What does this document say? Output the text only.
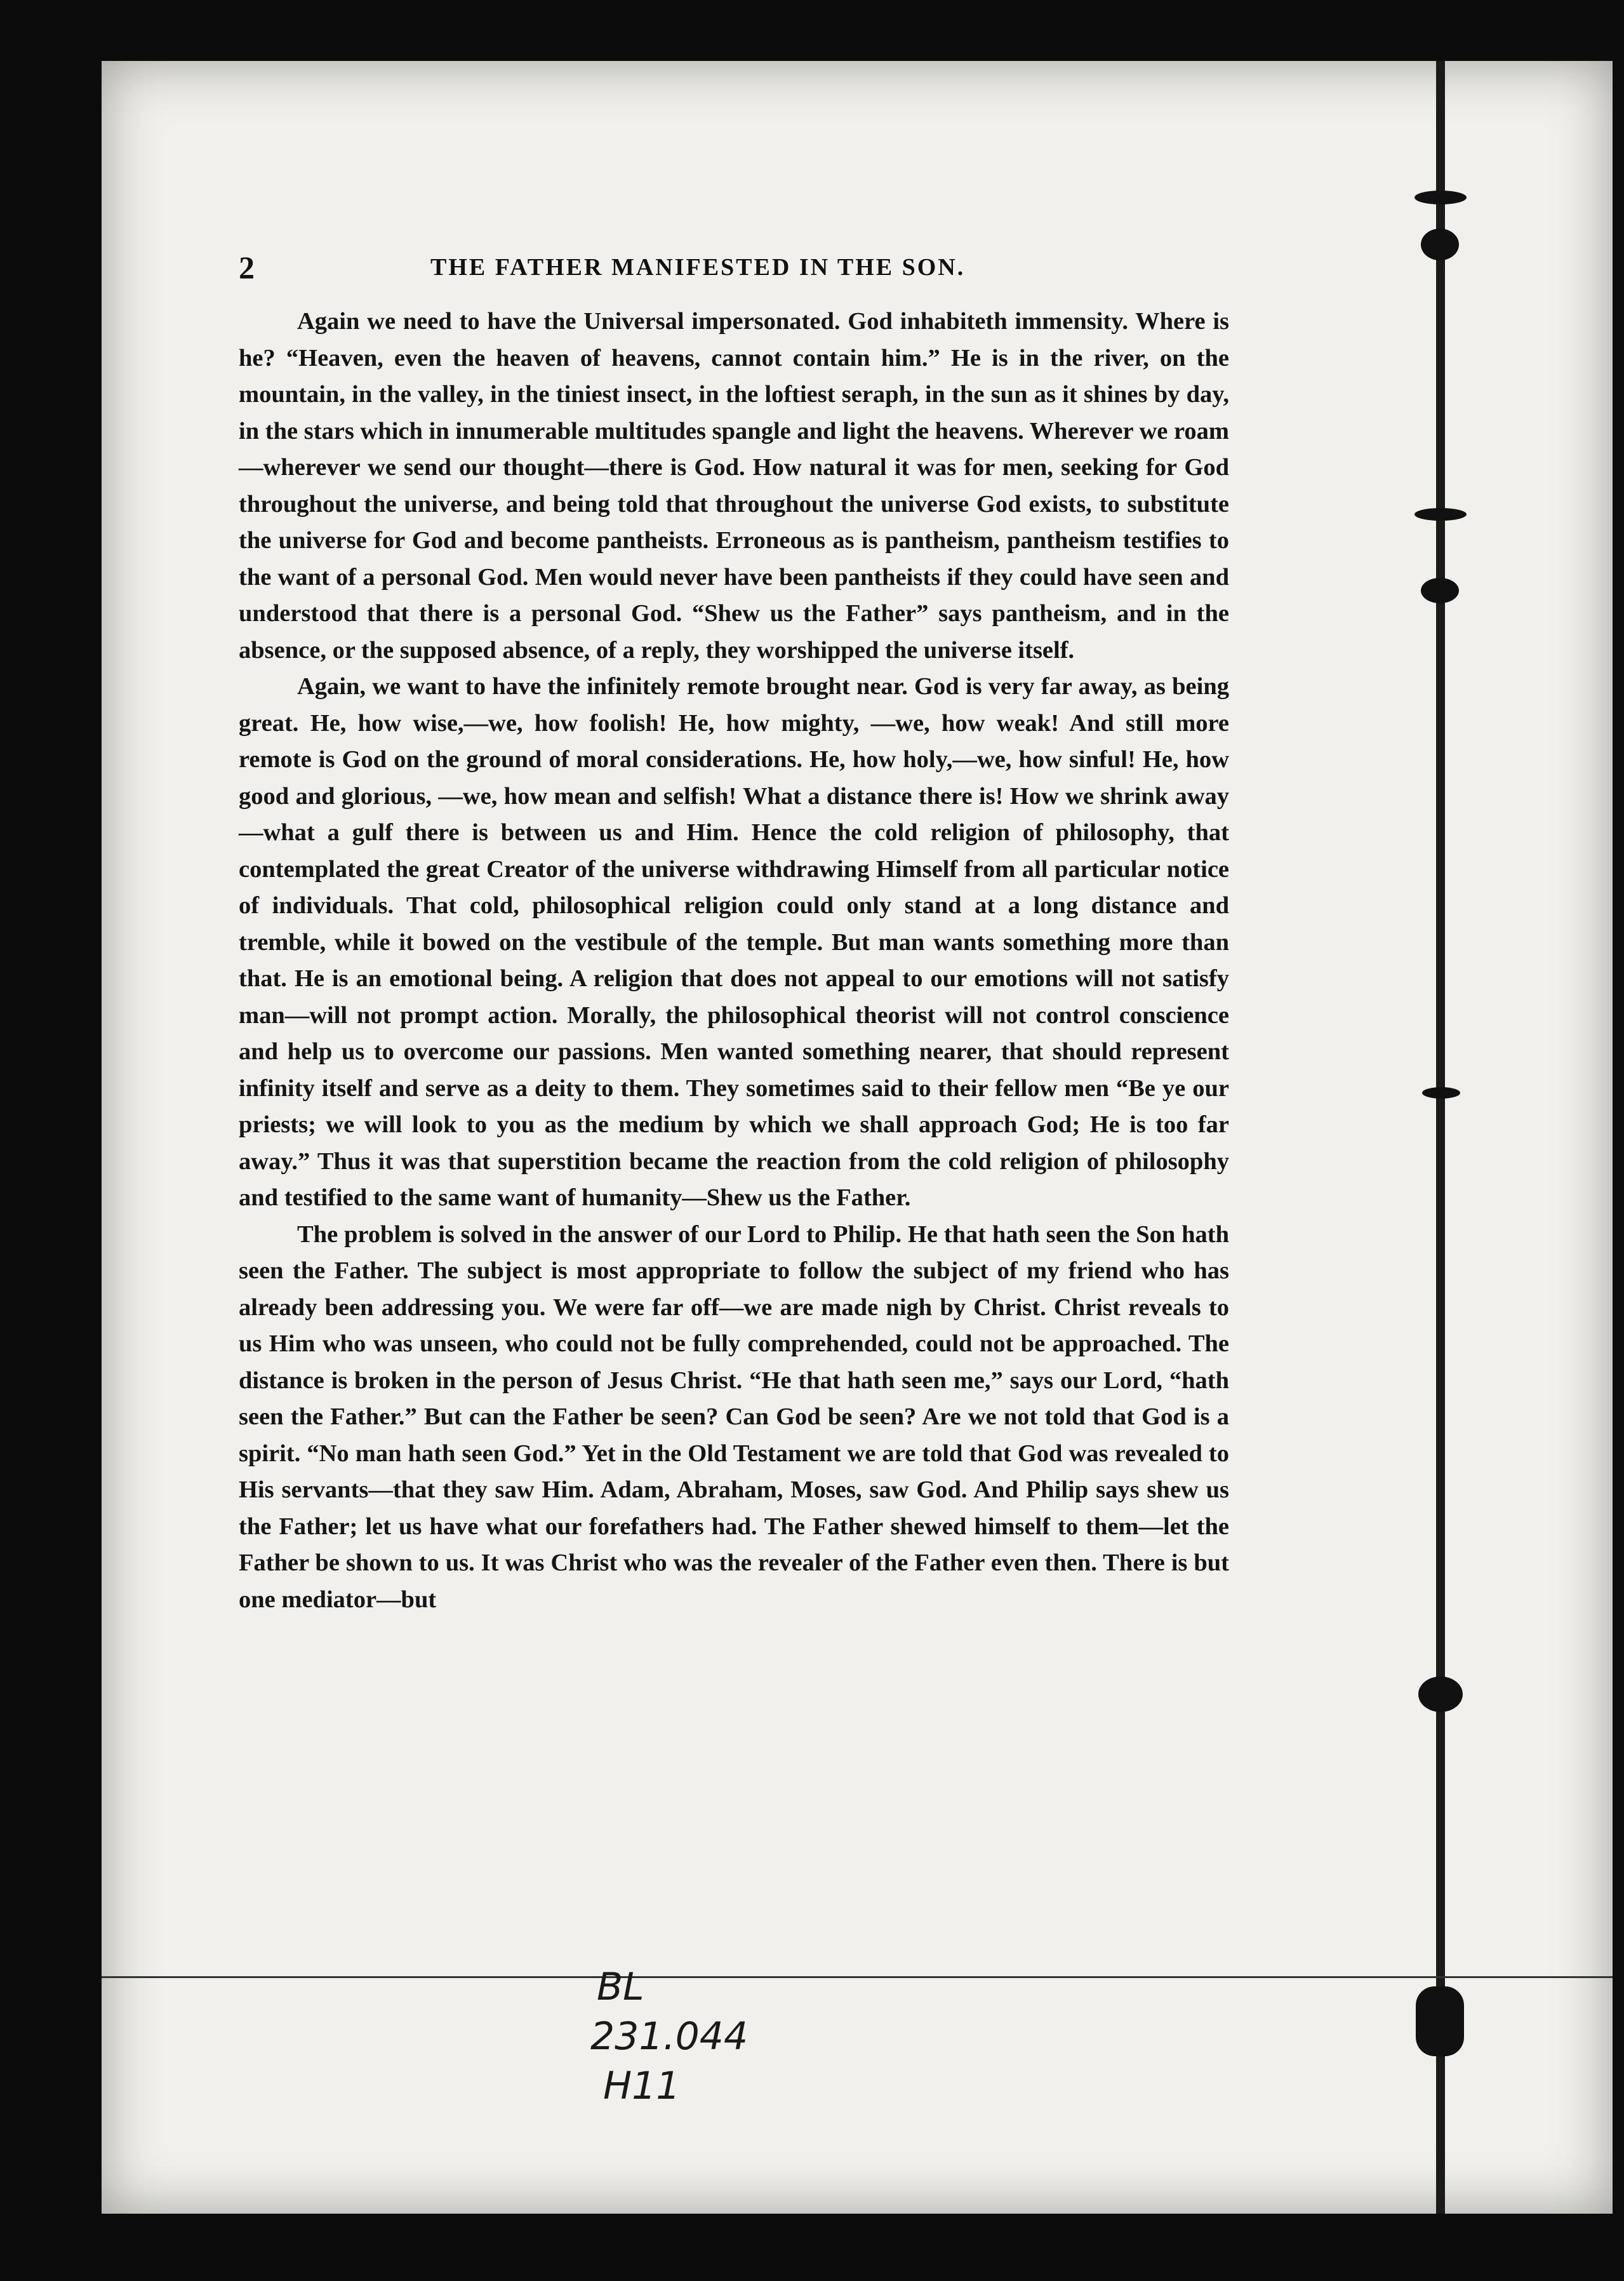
2	THE FATHER MANIFESTED IN THE SON.

Again we need to have the Universal impersonated. God inhabiteth immensity. Where is he? “Heaven, even the heaven of heavens, cannot contain him.” He is in the river, on the mountain, in the valley, in the tiniest insect, in the loftiest seraph, in the sun as it shines by day, in the stars which in innumerable multitudes spangle and light the heavens. Wherever we roam—wherever we send our thought—there is God. How natural it was for men, seeking for God throughout the universe, and being told that throughout the universe God exists, to substitute the universe for God and become pantheists. Erroneous as is pantheism, pantheism testifies to the want of a personal God. Men would never have been pantheists if they could have seen and understood that there is a personal God. “Shew us the Father” says pantheism, and in the absence, or the supposed absence, of a reply, they worshipped the universe itself.

Again, we want to have the infinitely remote brought near. God is very far away, as being great. He, how wise,—we, how foolish! He, how mighty, —we, how weak! And still more remote is God on the ground of moral considerations. He, how holy,—we, how sinful! He, how good and glorious, —we, how mean and selfish! What a distance there is! How we shrink away—what a gulf there is between us and Him. Hence the cold religion of philosophy, that contemplated the great Creator of the universe withdrawing Himself from all particular notice of individuals. That cold, philosophical religion could only stand at a long distance and tremble, while it bowed on the vestibule of the temple. But man wants something more than that. He is an emotional being. A religion that does not appeal to our emotions will not satisfy man—will not prompt action. Morally, the philosophical theorist will not control conscience and help us to overcome our passions. Men wanted something nearer, that should represent infinity itself and serve as a deity to them. They sometimes said to their fellow men “Be ye our priests; we will look to you as the medium by which we shall approach God; He is too far away.” Thus it was that superstition became the reaction from the cold religion of philosophy and testified to the same want of humanity—Shew us the Father.

The problem is solved in the answer of our Lord to Philip. He that hath seen the Son hath seen the Father. The subject is most appropriate to follow the subject of my friend who has already been addressing you. We were far off—we are made nigh by Christ. Christ reveals to us Him who was unseen, who could not be fully comprehended, could not be approached. The distance is broken in the person of Jesus Christ. “He that hath seen me,” says our Lord, “hath seen the Father.” But can the Father be seen? Can God be seen? Are we not told that God is a spirit. “No man hath seen God.” Yet in the Old Testament we are told that God was revealed to His servants—that they saw Him. Adam, Abraham, Moses, saw God. And Philip says shew us the Father; let us have what our forefathers had. The Father shewed himself to them—let the Father be shown to us. It was Christ who was the revealer of the Father even then. There is but one mediator—but

BL
231.044
H11
